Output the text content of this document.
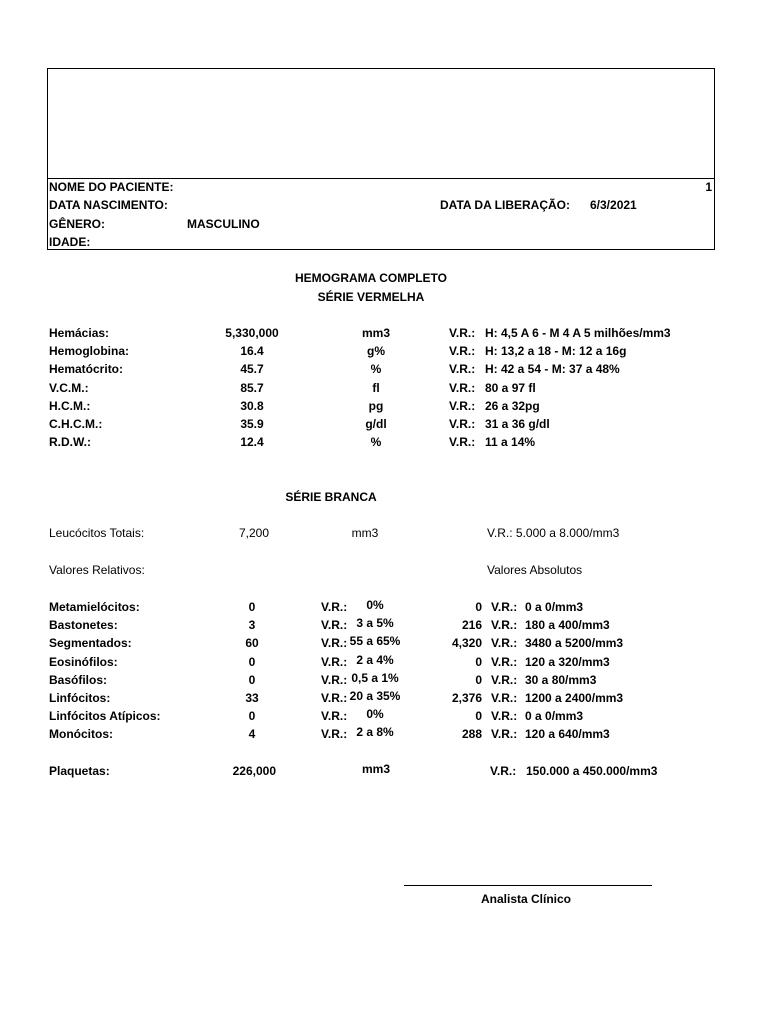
NOME DO PACIENTE:	1
DATA NASCIMENTO:	DATA DA LIBERAÇÃO: 6/3/2021
GÊNERO:	MASCULINO
IDADE:
HEMOGRAMA COMPLETO
SÉRIE VERMELHA
Hemácias:	5,330,000	mm3	V.R.: H: 4,5 A 6 - M 4 A 5 milhões/mm3
Hemoglobina:	16.4	g%	V.R.: H: 13,2 a 18 - M: 12 a 16g
Hematócrito:	45.7	%	V.R.: H: 42 a 54 - M: 37 a 48%
V.C.M.:	85.7	fl	V.R.: 80 a 97 fl
H.C.M.:	30.8	pg	V.R.: 26 a 32pg
C.H.C.M.:	35.9	g/dl	V.R.: 31 a 36 g/dl
R.D.W.:	12.4	%	V.R.: 11 a 14%
SÉRIE BRANCA
Leucócitos Totais:	7,200	mm3	V.R.: 5.000 a 8.000/mm3
Valores Relativos:	Valores Absolutos
Metamielócitos:	0	V.R.:	0%	0 V.R.: 0 a 0/mm3
Bastonetes:	3	V.R.: 3 a 5%	216 V.R.: 180 a 400/mm3
Segmentados:	60	V.R.: 55 a 65%	4,320 V.R.: 3480 a 5200/mm3
Eosinófilos:	0	V.R.: 2 a 4%	0 V.R.: 120 a 320/mm3
Basófilos:	0	V.R.: 0,5 a 1%	0 V.R.: 30 a 80/mm3
Linfócitos:	33	V.R.: 20 a 35%	2,376 V.R.: 1200 a 2400/mm3
Linfócitos Atípicos:	0	V.R.:	0%	0 V.R.: 0 a 0/mm3
Monócitos:	4	V.R.: 2 a 8%	288 V.R.: 120 a 640/mm3
Plaquetas:	226,000	mm3	V.R.: 150.000 a 450.000/mm3
Analista Clínico
